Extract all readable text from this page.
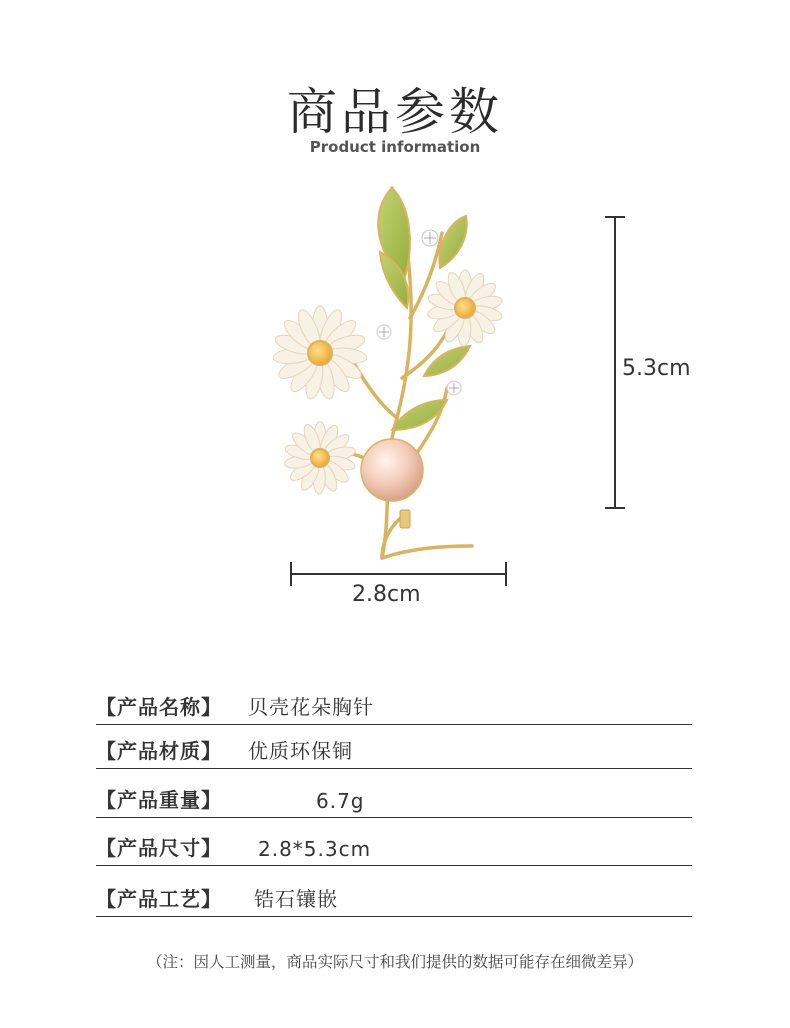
商品参数
Product information
5.3cm
2.8cm
【产品名称】 贝壳花朵胸针
【产品材质】 优质环保铜
【产品重量】	6.7g
【产品尺寸】 2.8*5.3cm
【产品工艺】 锆石镶嵌
（注：因人工测量，商品实际尺寸和我们提供的数据可能存在细微差异）
